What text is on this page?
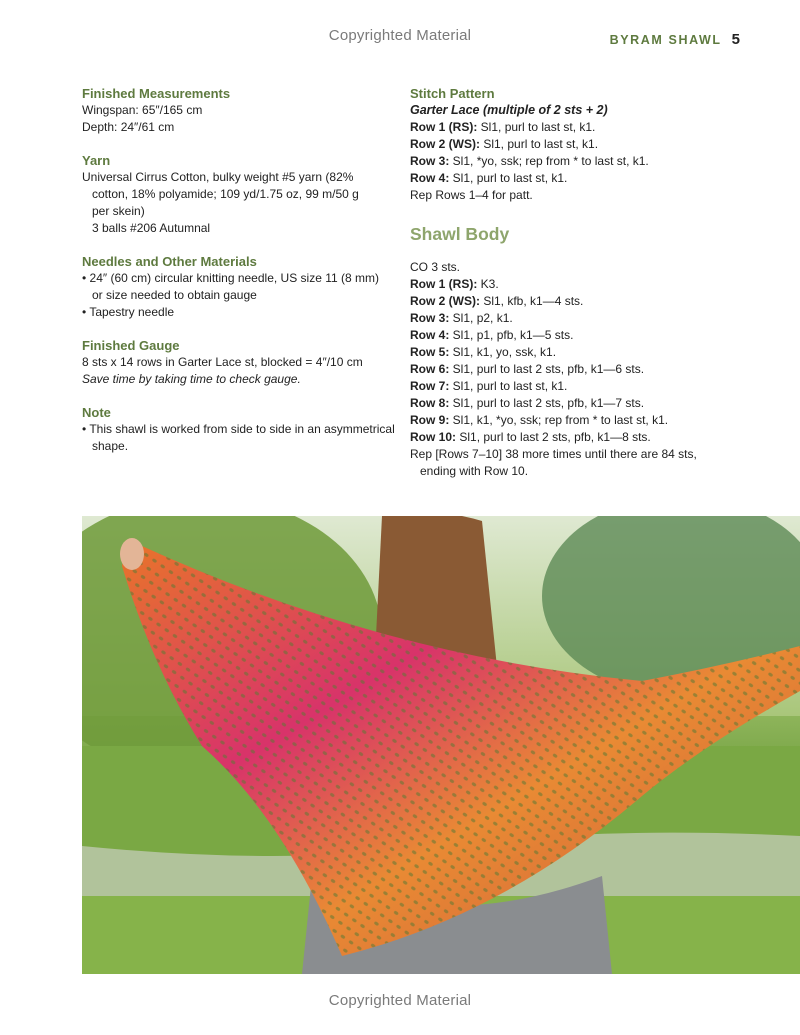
Copyrighted Material	BYRAM SHAWL 5
Finished Measurements

Wingspan: 65″/165 cm

Depth: 24″/61 cm

Yarn

Universal Cirrus Cotton, bulky weight #5 yarn (82%

cotton, 18% polyamide; 109 yd/1.75 oz, 99 m/50 g

per skein)

3 balls #206 Autumnal

Needles and Other Materials

• 24″ (60 cm) circular knitting needle, US size 11 (8 mm)

or size needed to obtain gauge

• Tapestry needle

Finished Gauge

8 sts x 14 rows in Garter Lace st, blocked = 4″/10 cm

Save time by taking time to check gauge.

Note

• This shawl is worked from side to side in an asymmetrical

shape.

Stitch Pattern

Garter Lace (multiple of 2 sts + 2)

Row 1 (RS): Sl1, purl to last st, k1.

Row 2 (WS): Sl1, purl to last st, k1.

Row 3: Sl1, *yo, ssk; rep from * to last st, k1.

Row 4: Sl1, purl to last st, k1.

Rep Rows 1–4 for patt.

Shawl Body

CO 3 sts.

Row 1 (RS): K3.

Row 2 (WS): Sl1, kfb, k1—4 sts.

Row 3: Sl1, p2, k1.

Row 4: Sl1, p1, pfb, k1—5 sts.

Row 5: Sl1, k1, yo, ssk, k1.

Row 6: Sl1, purl to last 2 sts, pfb, k1—6 sts.

Row 7: Sl1, purl to last st, k1.

Row 8: Sl1, purl to last 2 sts, pfb, k1—7 sts.

Row 9: Sl1, k1, *yo, ssk; rep from * to last st, k1.

Row 10: Sl1, purl to last 2 sts, pfb, k1—8 sts.

Rep [Rows 7–10] 38 more times until there are 84 sts,

ending with Row 10.

Copyrighted Material
